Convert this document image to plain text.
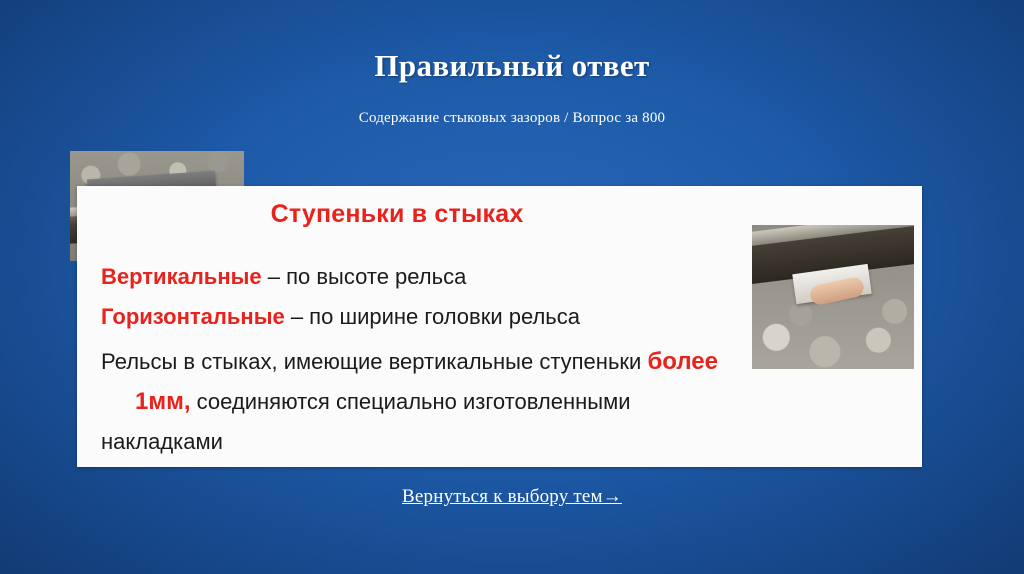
Правильный ответ
Содержание стыковых зазоров / Вопрос за 800
Ступеньки в стыках
Вертикальные – по высоте рельса
Горизонтальные – по ширине головки рельса
Рельсы в стыках, имеющие вертикальные ступеньки более
1мм, соединяются специально изготовленными
накладками
Вернуться к выбору тем→
